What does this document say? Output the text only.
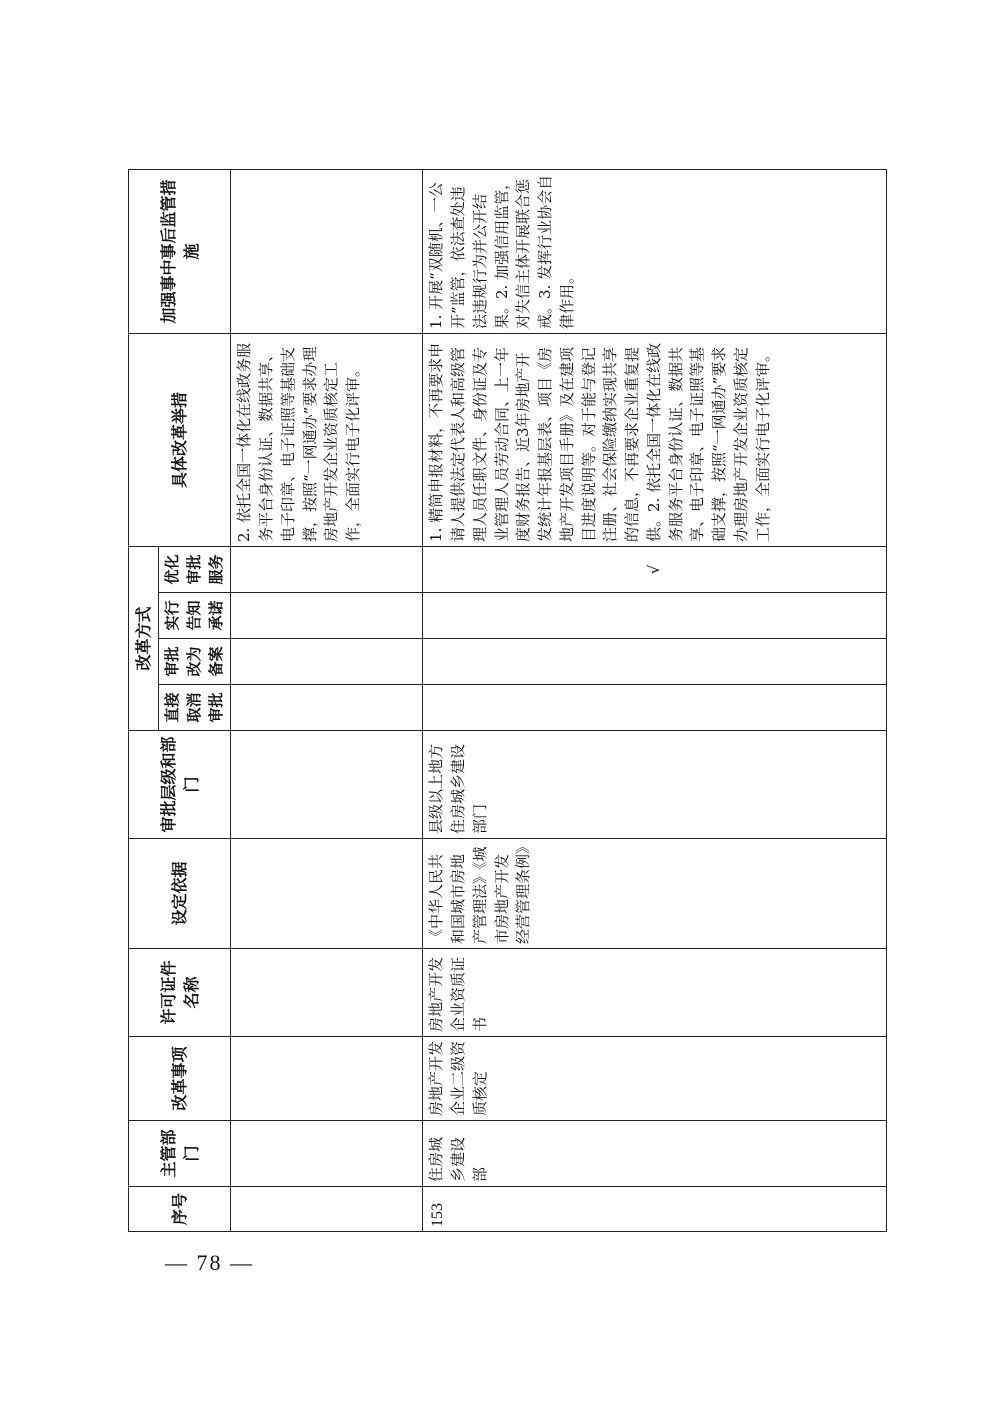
序号	主管部门	改革事项	许可证件名称	设定依据	审批层级和部门	改革方式				具体改革举措	加强事中事后监管措施
						直接取消审批	审批改为备案	实行告知承诺	优化审批服务		
										2. 依托全国一体化在线政务服务平台身份认证、数据共享、电子印章、电子证照等基础支撑，按照“一网通办”要求办理房地产开发企业资质核定工作，全面实行电子化评审。	
153	住房城乡建设部	房地产开发企业二级资质核定	房地产开发企业资质证书	《中华人民共和国城市房地产管理法》《城市房地产开发经营管理条例》	县级以上地方住房城乡建设部门				√	1. 精简申报材料，不再要求申请人提供法定代表人和高级管理人员任职文件、身份证及专业管理人员劳动合同、上一年度财务报告、近3年房地产开发统计年报基层表、项目《房地产开发项目手册》及在建项目进度说明等。对于能与登记注册、社会保险缴纳实现共享的信息，不再要求企业重复提供。2. 依托全国一体化在线政务服务平台身份认证、数据共享、电子印章、电子证照等基础支撑，按照“一网通办”要求办理房地产开发企业资质核定工作，全面实行电子化评审。	1. 开展“双随机、一公开”监管，依法查处违法违规行为并公开结果。2. 加强信用监管，对失信主体开展联合惩戒。3. 发挥行业协会自律作用。
— 78 —
